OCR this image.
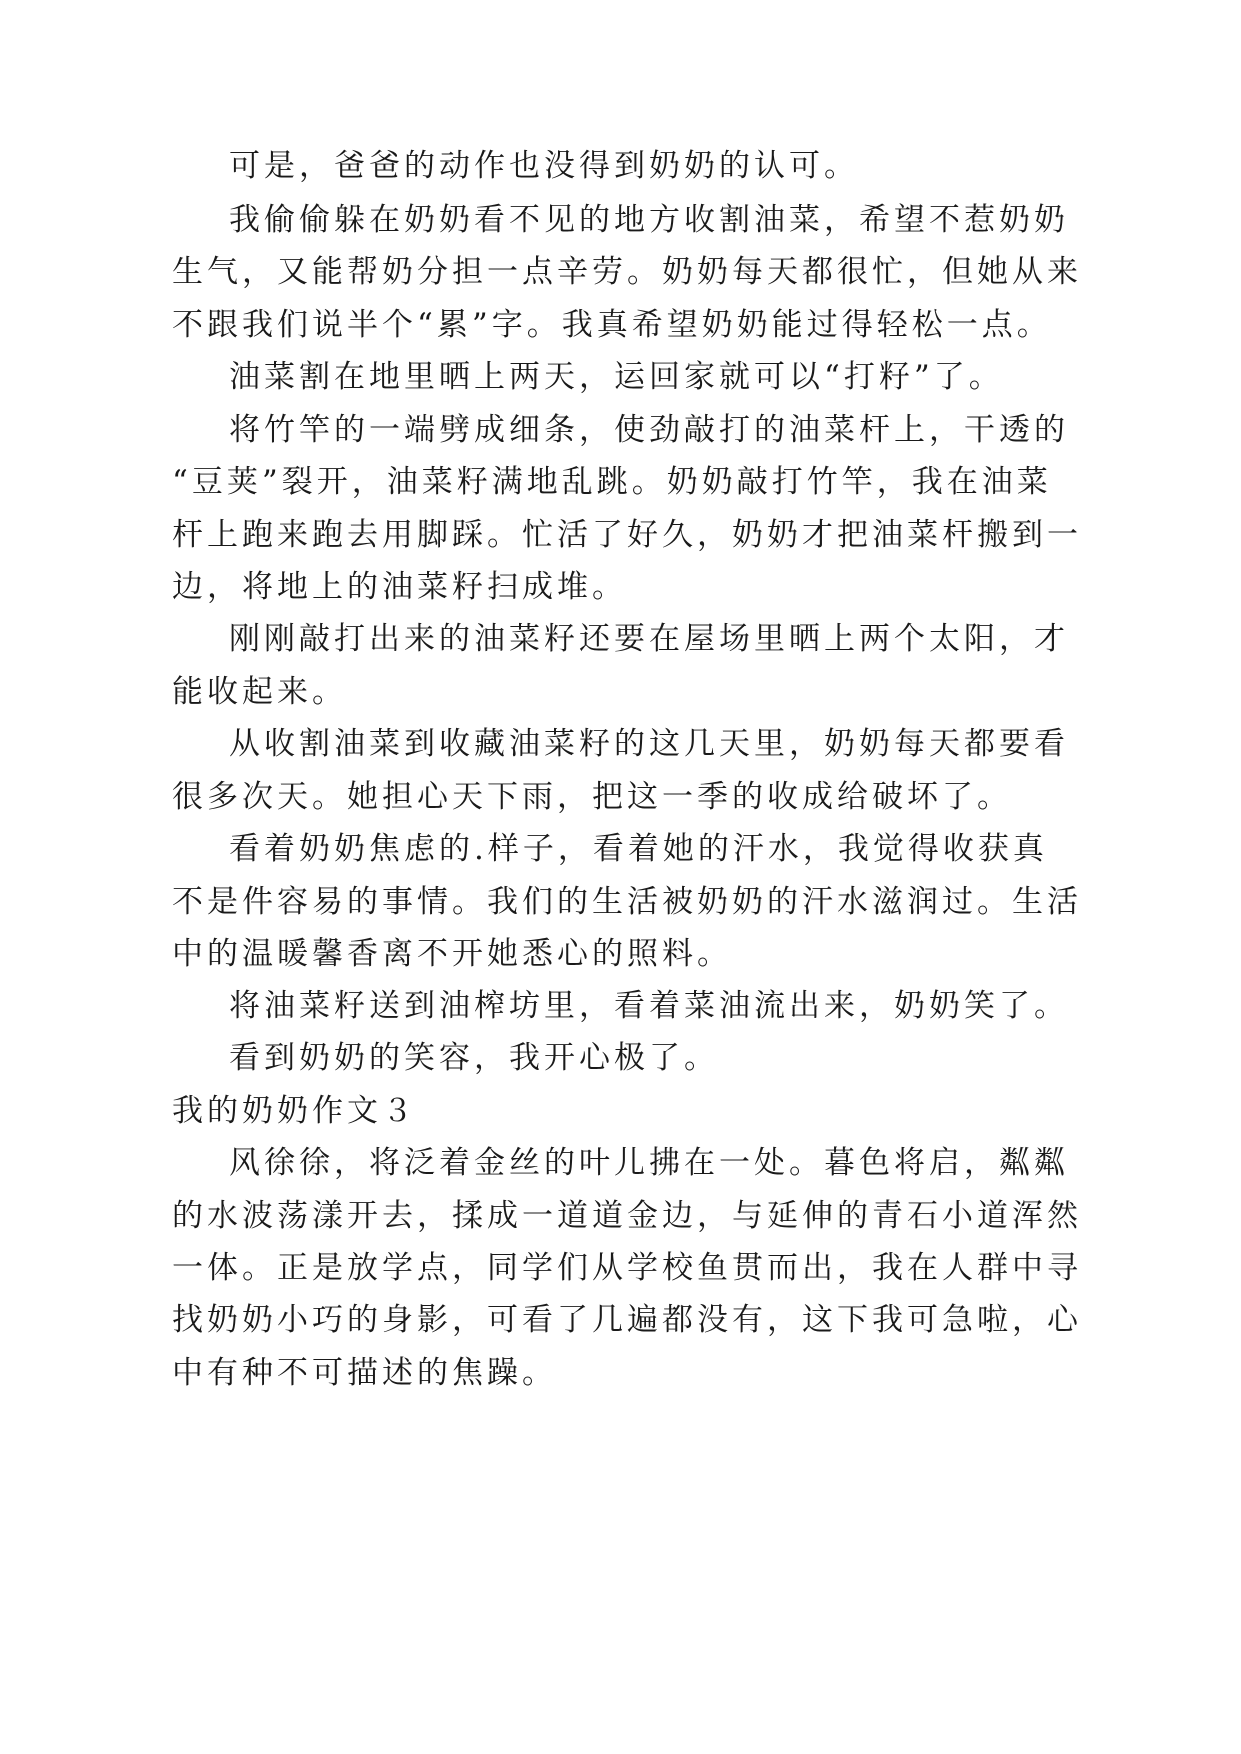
可是，爸爸的动作也没得到奶奶的认可。
我偷偷躲在奶奶看不见的地方收割油菜，希望不惹奶奶
生气，又能帮奶分担一点辛劳。奶奶每天都很忙，但她从来
不跟我们说半个“累”字。我真希望奶奶能过得轻松一点。
油菜割在地里晒上两天，运回家就可以“打籽”了。
将竹竿的一端劈成细条，使劲敲打的油菜杆上，干透的
“豆荚”裂开，油菜籽满地乱跳。奶奶敲打竹竿，我在油菜
杆上跑来跑去用脚踩。忙活了好久，奶奶才把油菜杆搬到一
边，将地上的油菜籽扫成堆。
刚刚敲打出来的油菜籽还要在屋场里晒上两个太阳，才
能收起来。
从收割油菜到收藏油菜籽的这几天里，奶奶每天都要看
很多次天。她担心天下雨，把这一季的收成给破坏了。
看着奶奶焦虑的.样子，看着她的汗水，我觉得收获真
不是件容易的事情。我们的生活被奶奶的汗水滋润过。生活
中的温暖馨香离不开她悉心的照料。
将油菜籽送到油榨坊里，看着菜油流出来，奶奶笑了。
看到奶奶的笑容，我开心极了。
我的奶奶作文３
风徐徐，将泛着金丝的叶儿拂在一处。暮色将启，粼粼
的水波荡漾开去，揉成一道道金边，与延伸的青石小道浑然
一体。正是放学点，同学们从学校鱼贯而出，我在人群中寻
找奶奶小巧的身影，可看了几遍都没有，这下我可急啦，心
中有种不可描述的焦躁。
